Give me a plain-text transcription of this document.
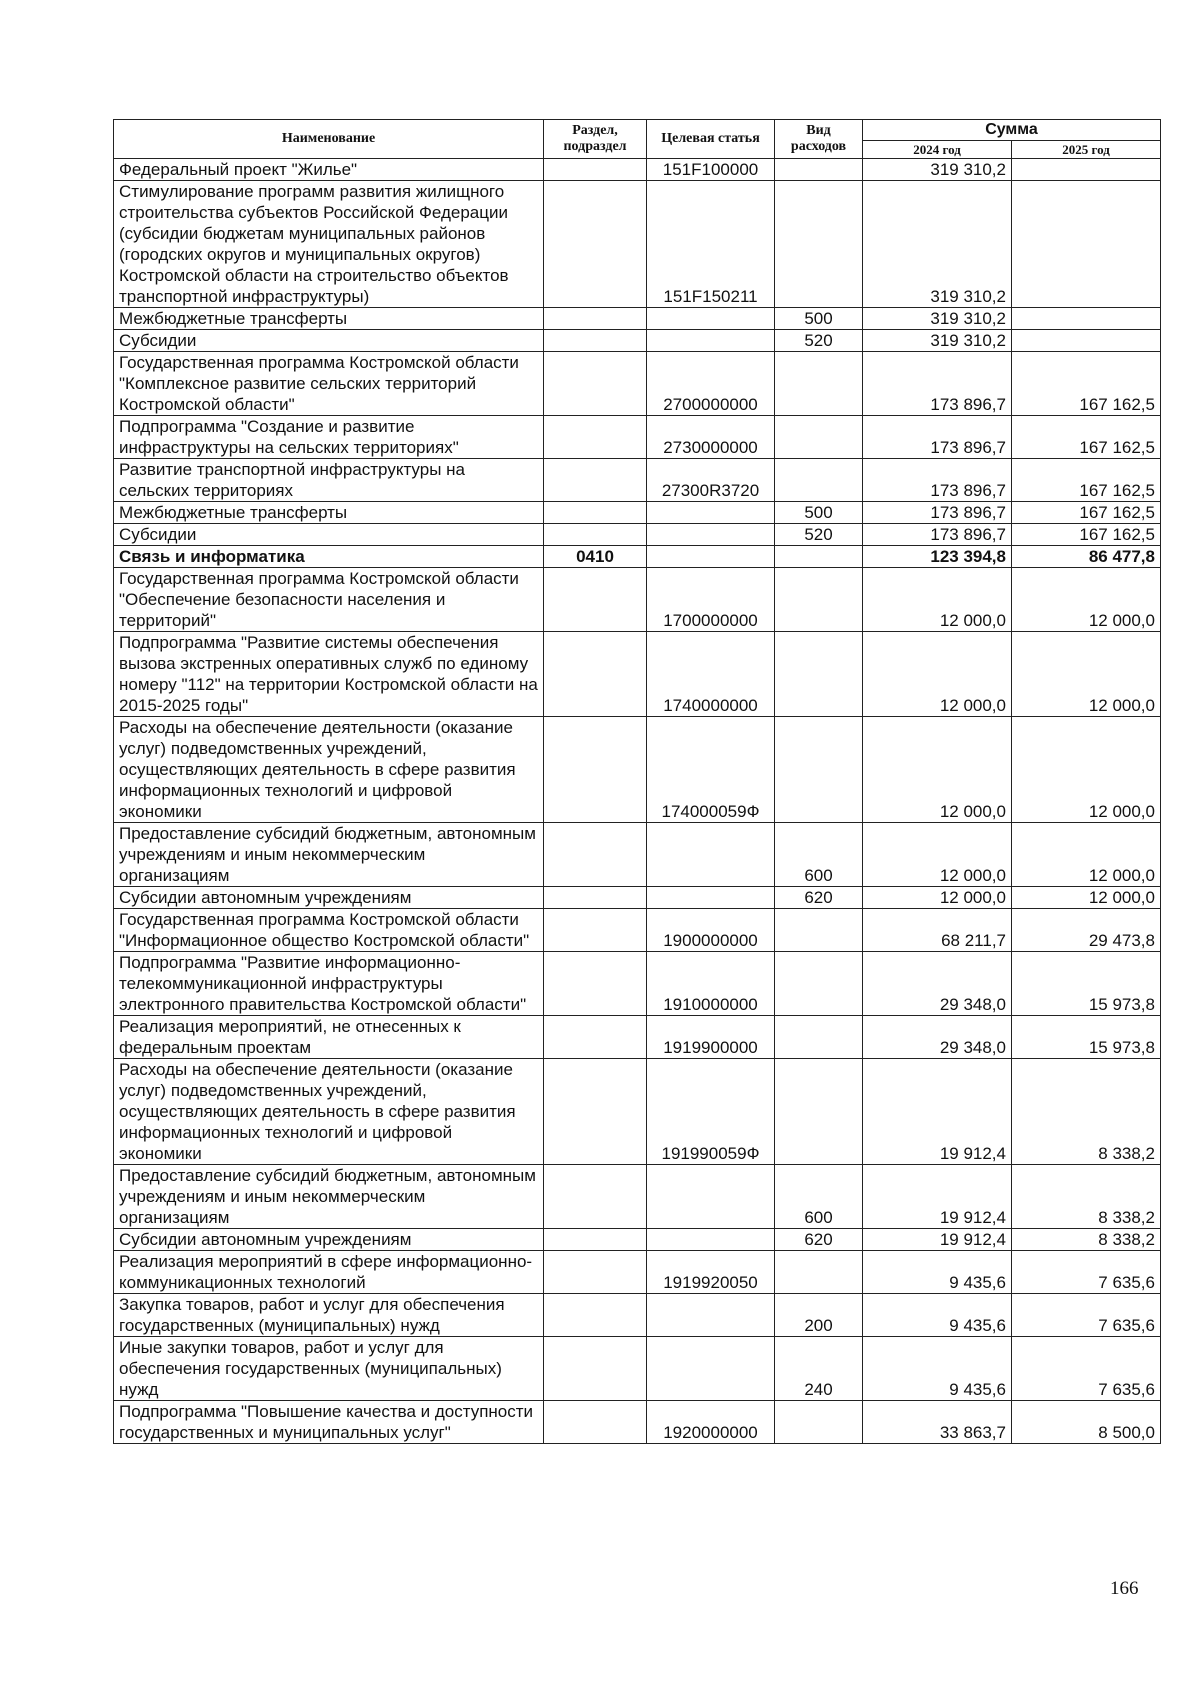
Наименование	Раздел, подраздел	Целевая статья	Вид расходов	Сумма	
				2024 год	2025 год
Федеральный проект "Жилье"		151F100000		319 310,2	
Стимулирование программ развития жилищного строительства субъектов Российской Федерации (субсидии бюджетам муниципальных районов (городских округов и муниципальных округов) Костромской области на строительство объектов транспортной инфраструктуры)		151F150211		319 310,2	
Межбюджетные трансферты			500	319 310,2	
Субсидии			520	319 310,2	
Государственная программа Костромской области "Комплексное развитие сельских территорий Костромской области"		2700000000		173 896,7	167 162,5
Подпрограмма "Создание и развитие инфраструктуры на сельских территориях"		2730000000		173 896,7	167 162,5
Развитие транспортной инфраструктуры на сельских территориях		27300R3720		173 896,7	167 162,5
Межбюджетные трансферты			500	173 896,7	167 162,5
Субсидии			520	173 896,7	167 162,5
Связь и информатика	0410			123 394,8	86 477,8
Государственная программа Костромской области "Обеспечение безопасности населения и территорий"		1700000000		12 000,0	12 000,0
Подпрограмма "Развитие системы обеспечения вызова экстренных оперативных служб по единому номеру "112" на территории Костромской области на 2015-2025 годы"		1740000000		12 000,0	12 000,0
Расходы на обеспечение деятельности (оказание услуг) подведомственных учреждений, осуществляющих деятельность в сфере развития информационных технологий и цифровой экономики		174000059Ф		12 000,0	12 000,0
Предоставление субсидий бюджетным, автономным учреждениям и иным некоммерческим организациям			600	12 000,0	12 000,0
Субсидии автономным учреждениям			620	12 000,0	12 000,0
Государственная программа Костромской области "Информационное общество Костромской области"		1900000000		68 211,7	29 473,8
Подпрограмма "Развитие информационно-телекоммуникационной инфраструктуры электронного правительства Костромской области"		1910000000		29 348,0	15 973,8
Реализация мероприятий, не отнесенных к федеральным проектам		1919900000		29 348,0	15 973,8
Расходы на обеспечение деятельности (оказание услуг) подведомственных учреждений, осуществляющих деятельность в сфере развития информационных технологий и цифровой экономики		191990059Ф		19 912,4	8 338,2
Предоставление субсидий бюджетным, автономным учреждениям и иным некоммерческим организациям			600	19 912,4	8 338,2
Субсидии автономным учреждениям			620	19 912,4	8 338,2
Реализация мероприятий в сфере информационно-коммуникационных технологий		1919920050		9 435,6	7 635,6
Закупка товаров, работ и услуг для обеспечения государственных (муниципальных) нужд			200	9 435,6	7 635,6
Иные закупки товаров, работ и услуг для обеспечения государственных (муниципальных) нужд			240	9 435,6	7 635,6
Подпрограмма "Повышение качества и доступности государственных и муниципальных услуг"		1920000000		33 863,7	8 500,0
166
